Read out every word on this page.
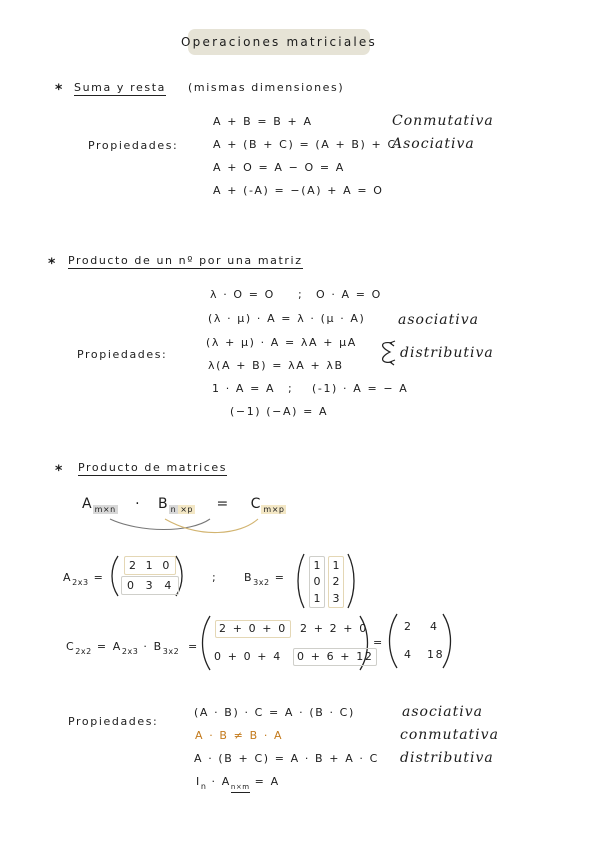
Operaciones matriciales
* Suma y resta (mismas dimensiones)
Propiedades:
A + B = B + A
A + (B + C) = (A + B) + C
A + O = A − O = A
A + (-A) = −(A) + A = O
Conmutativa
Asociativa
* Producto de un nº por una matriz
Propiedades:
λ · O = O ; O · A = O
(λ · μ) · A = λ · (μ · A)
(λ + μ) · A = λA + μA
λ(A + B) = λA + λB
1 · A = A ; (-1) · A = − A
(−1) (−A) = A
asociativa
distributiva
* Producto de matrices
A $_{m\times n}$ · B $_n$ $_{\times p}$ = C $_{m\times p}$
$A_{2x3}$ =
2 1 0
0 3 4
; $B_{3x2}$ =
1
0
1
1
2
3
$C_{2x2} = A_{2x3} \cdot B_{3x2}$ =
2 + 0 + 0	2 + 2 + 0
0 + 0 + 4	0 + 6 + 12
=
2 4
4 18
Propiedades:
(A · B) · C = A · (B · C)
A · B ≠ B · A
A · (B + C) = A · B + A · C
$I_n \cdot A_{n\times m} = A$
asociativa
conmutativa
distributiva
